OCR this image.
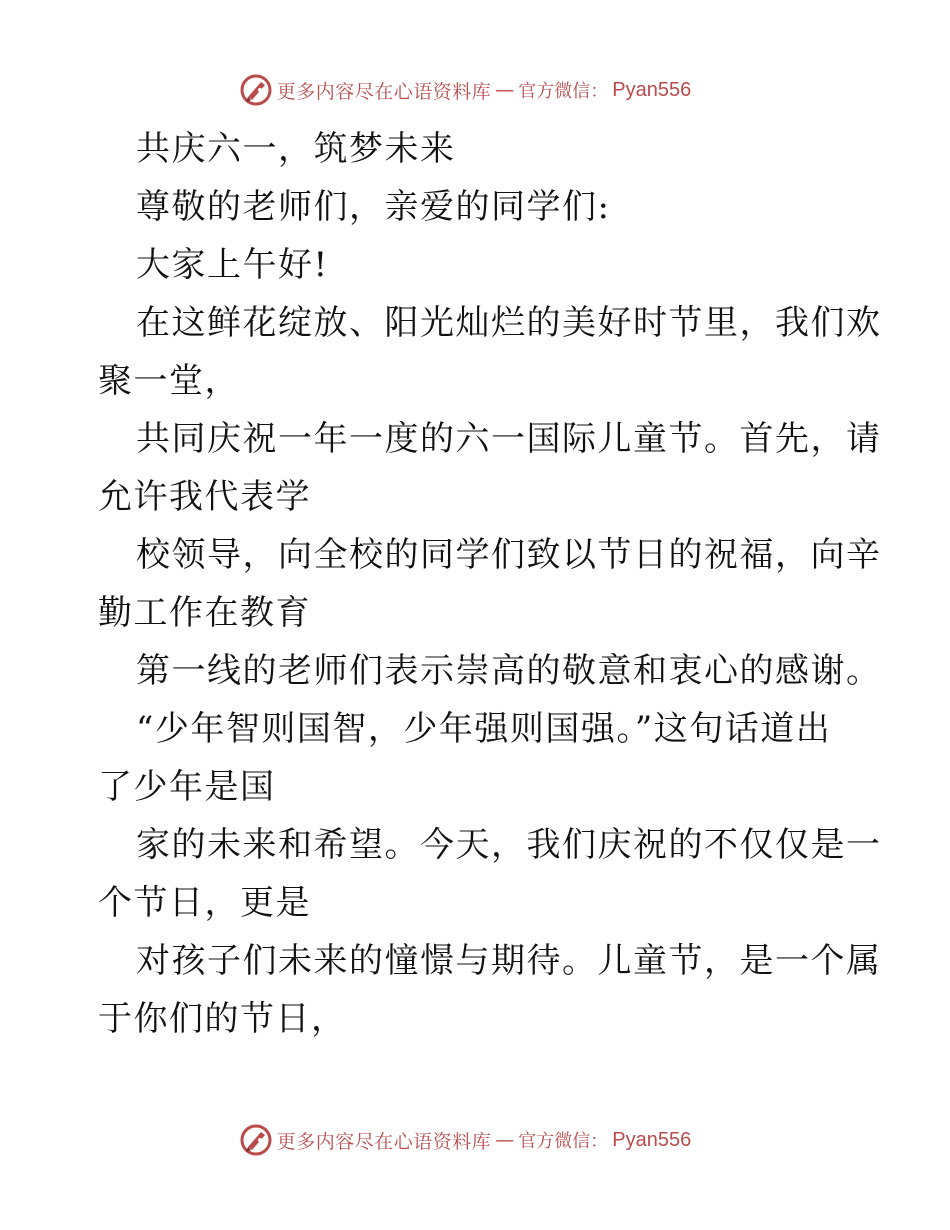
更多内容尽在心语资料库 — 官方微信： Pyan556
共庆六一，筑梦未来
尊敬的老师们，亲爱的同学们:
大家上午好!
在这鲜花绽放、阳光灿烂的美好时节里，我们欢
聚一堂，
共同庆祝一年一度的六一国际儿童节。首先，请
允许我代表学
校领导，向全校的同学们致以节日的祝福，向辛
勤工作在教育
第一线的老师们表示崇高的敬意和衷心的感谢。
“少年智则国智，少年强则国强。”这句话道出
了少年是国
家的未来和希望。今天，我们庆祝的不仅仅是一
个节日，更是
对孩子们未来的憧憬与期待。儿童节，是一个属
于你们的节日，
更多内容尽在心语资料库 — 官方微信： Pyan556
